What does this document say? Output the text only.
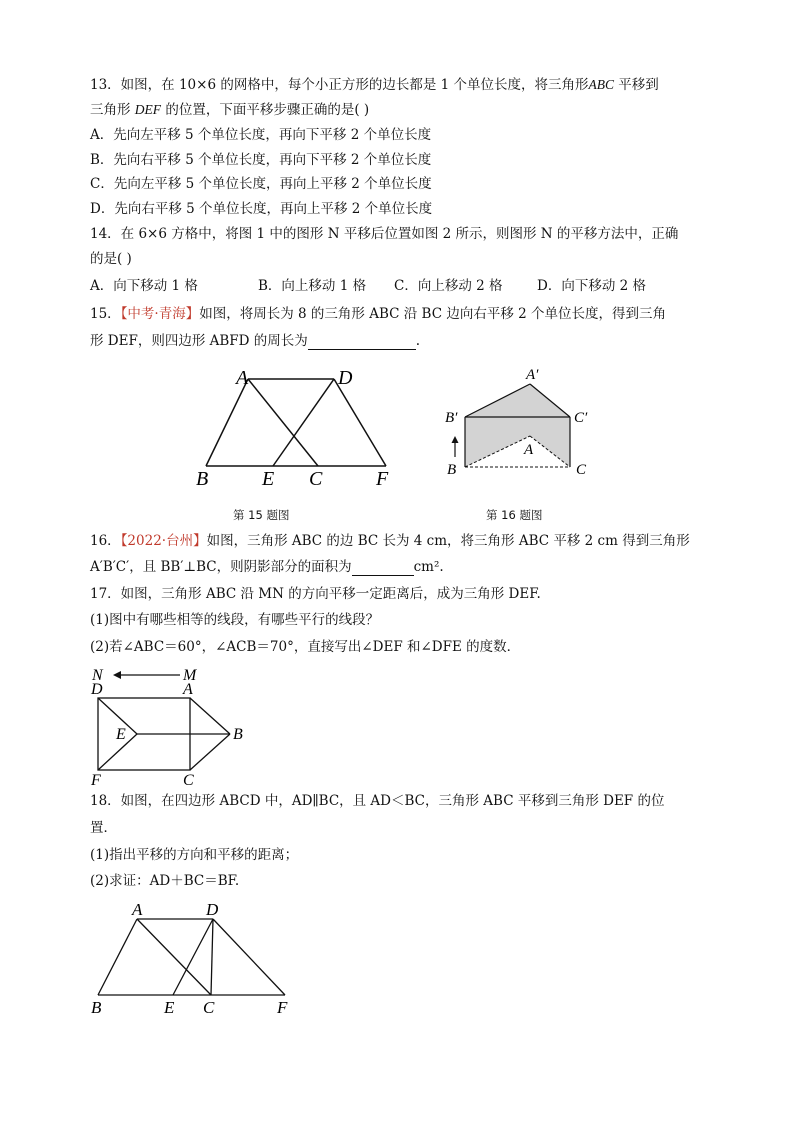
13．如图，在 10×6 的网格中，每个小正方形的边长都是 1 个单位长度，将三角形ABC 平移到
三角形 DEF 的位置，下面平移步骤正确的是( )
A．先向左平移 5 个单位长度，再向下平移 2 个单位长度
B．先向右平移 5 个单位长度，再向下平移 2 个单位长度
C．先向左平移 5 个单位长度，再向上平移 2 个单位长度
D．先向右平移 5 个单位长度，再向上平移 2 个单位长度
14．在 6×6 方格中，将图 1 中的图形 N 平移后位置如图 2 所示，则图形 N 的平移方法中，正确
的是( )
A．向下移动 1 格	B．向上移动 1 格 C．向上移动 2 格	D．向下移动 2 格
15．【中考·青海】如图，将周长为 8 的三角形 ABC 沿 BC 边向右平移 2 个单位长度，得到三角
形 DEF，则四边形 ABFD 的周长为	.
A	D
B	E C	F
A′
B′	C′
A
B	C
第 15 题图	第 16 题图
16．【2022·台州】如图，三角形 ABC 的边 BC 长为 4 cm，将三角形 ABC 平移 2 cm 得到三角形
A′B′C′，且 BB′⊥BC，则阴影部分的面积为	cm².
17．如图，三角形 ABC 沿 MN 的方向平移一定距离后，成为三角形 DEF.
(1)图中有哪些相等的线段，有哪些平行的线段？
(2)若∠ABC＝60°，∠ACB＝70°，直接写出∠DEF 和∠DFE 的度数．
N	M
D	A
E	B
F	C
18．如图，在四边形 ABCD 中，AD∥BC，且 AD＜BC，三角形 ABC 平移到三角形 DEF 的位
置．
(1)指出平移的方向和平移的距离；
(2)求证：AD＋BC＝BF.
A	D
B	E C	F
